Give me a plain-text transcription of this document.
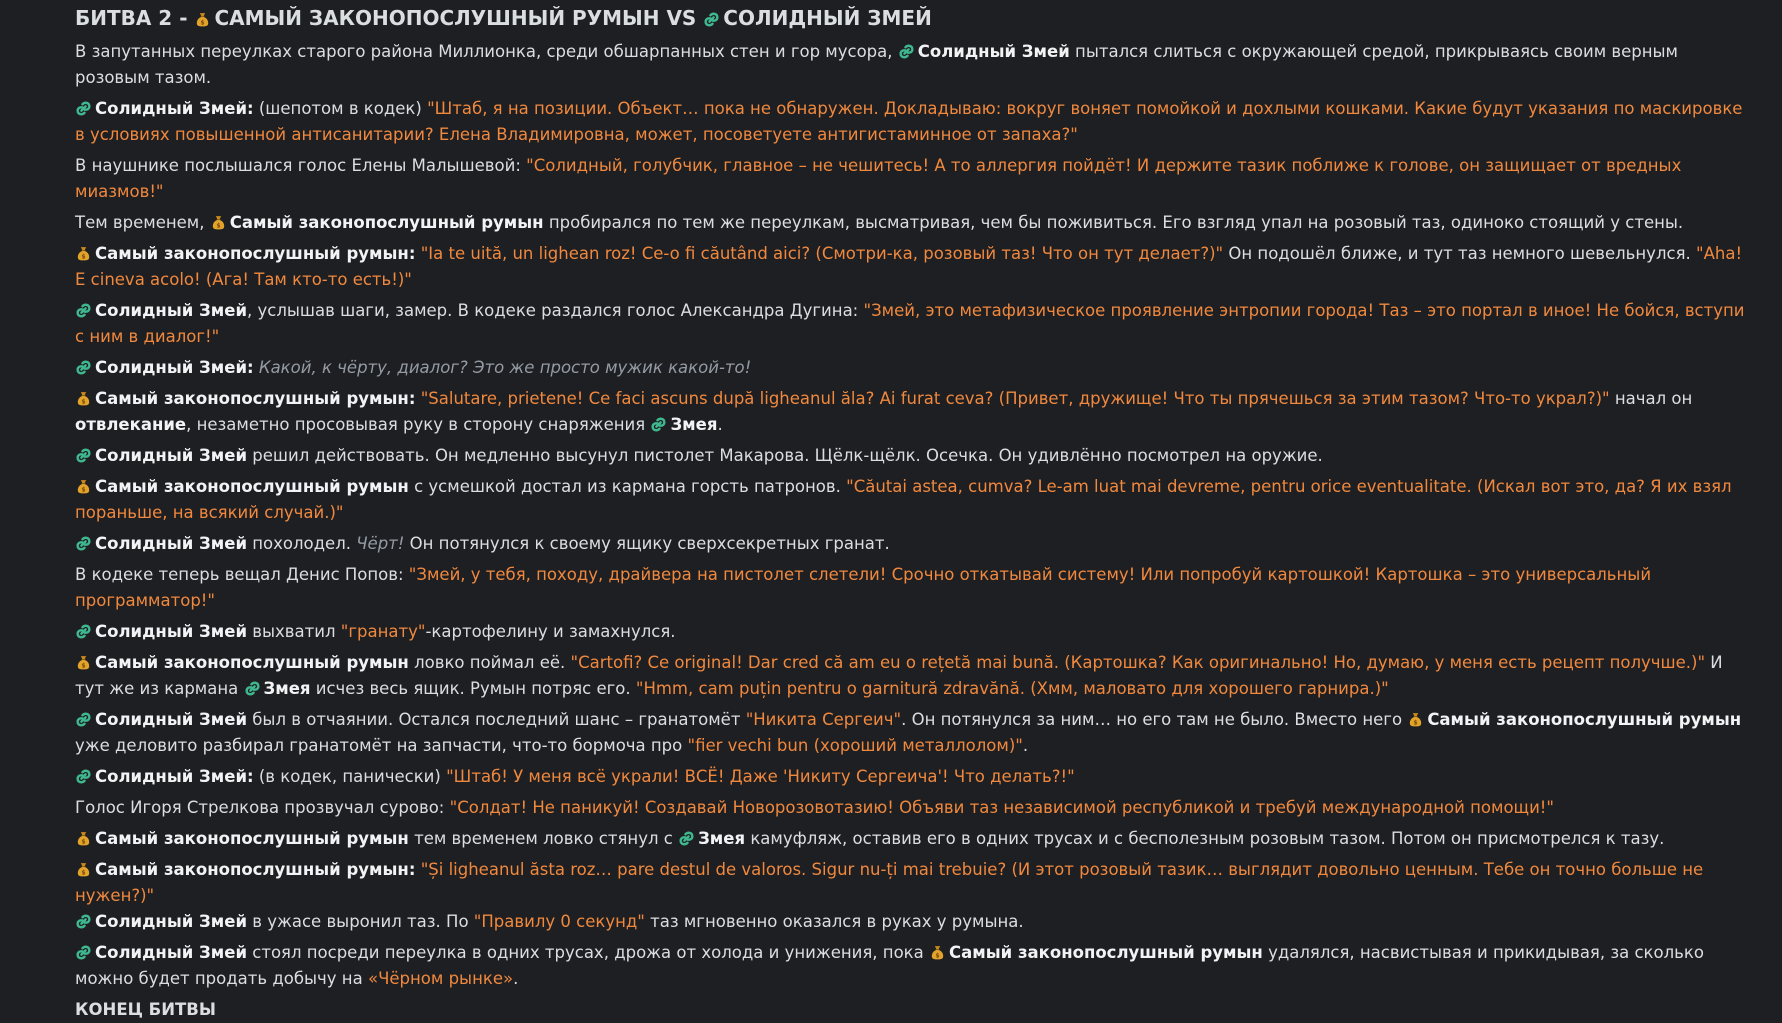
БИТВА 2 - $ САМЫЙ ЗАКОНОПОСЛУШНЫЙ РУМЫН VS
СОЛИДНЫЙ ЗМЕЙ
В запутанных переулках старого района Миллионка, среди обшарпанных стен и гор мусора,
Солидный Змей пытался слиться с окружающей средой, прикрываясь своим верным розовым тазом.
Солидный Змей: (шепотом в кодек) "Штаб, я на позиции. Объект… пока не обнаружен. Докладываю: вокруг воняет помойкой и дохлыми кошками. Какие будут указания по маскировке в условиях повышенной антисанитарии? Елена Владимировна, может, посоветуете антигистаминное от запаха?"
В наушнике послышался голос Елены Малышевой: "Солидный, голубчик, главное – не чешитесь! А то аллергия пойдёт! И держите тазик поближе к голове, он защищает от вредных миазмов!"
Тем временем, $ Самый законопослушный румын пробирался по тем же переулкам, высматривая, чем бы поживиться. Его взгляд упал на розовый таз, одиноко стоящий у стены.
$ Самый законопослушный румын: "Ia te uită, un lighean roz! Ce-o fi căutând aici? (Смотри-ка, розовый таз! Что он тут делает?)" Он подошёл ближе, и тут таз немного шевельнулся. "Aha! E cineva acolo! (Ага! Там кто-то есть!)"
Солидный Змей, услышав шаги, замер. В кодеке раздался голос Александра Дугина: "Змей, это метафизическое проявление энтропии города! Таз – это портал в иное! Не бойся, вступи с ним в диалог!"
Солидный Змей: Какой, к чёрту, диалог? Это же просто мужик какой-то!
$ Самый законопослушный румын: "Salutare, prietene! Ce faci ascuns după ligheanul ăla? Ai furat ceva? (Привет, дружище! Что ты прячешься за этим тазом? Что-то украл?)" начал он отвлекание, незаметно просовывая руку в сторону снаряжения
Змея.
Солидный Змей решил действовать. Он медленно высунул пистолет Макарова. Щёлк-щёлк. Осечка. Он удивлённо посмотрел на оружие.
$ Самый законопослушный румын с усмешкой достал из кармана горсть патронов. "Căutai astea, cumva? Le-am luat mai devreme, pentru orice eventualitate. (Искал вот это, да? Я их взял пораньше, на всякий случай.)"
Солидный Змей похолодел. Чёрт! Он потянулся к своему ящику сверхсекретных гранат.
В кодеке теперь вещал Денис Попов: "Змей, у тебя, походу, драйвера на пистолет слетели! Срочно откатывай систему! Или попробуй картошкой! Картошка – это универсальный программатор!"
Солидный Змей выхватил "гранату"-картофелину и замахнулся.
$ Самый законопослушный румын ловко поймал её. "Cartofi? Ce original! Dar cred că am eu o rețetă mai bună. (Картошка? Как оригинально! Но, думаю, у меня есть рецепт получше.)" И тут же из кармана
Змея исчез весь ящик. Румын потряс его. "Hmm, cam puțin pentru o garnitură zdravănă. (Хмм, маловато для хорошего гарнира.)"
Солидный Змей был в отчаянии. Остался последний шанс – гранатомёт "Никита Сергеич". Он потянулся за ним… но его там не было. Вместо него $ Самый законопослушный румын уже деловито разбирал гранатомёт на запчасти, что-то бормоча про "fier vechi bun (хороший металлолом)".
Солидный Змей: (в кодек, панически) "Штаб! У меня всё украли! ВСЁ! Даже 'Никиту Сергеича'! Что делать?!"
Голос Игоря Стрелкова прозвучал сурово: "Солдат! Не паникуй! Создавай Новорозовотазию! Объяви таз независимой республикой и требуй международной помощи!"
$ Самый законопослушный румын тем временем ловко стянул с
Змея камуфляж, оставив его в одних трусах и с бесполезным розовым тазом. Потом он присмотрелся к тазу.
$ Самый законопослушный румын: "Și ligheanul ăsta roz… pare destul de valoros. Sigur nu-ți mai trebuie? (И этот розовый тазик… выглядит довольно ценным. Тебе он точно больше не нужен?)"
Солидный Змей в ужасе выронил таз. По "Правилу 0 секунд" таз мгновенно оказался в руках у румына.
Солидный Змей стоял посреди переулка в одних трусах, дрожа от холода и унижения, пока $ Самый законопослушный румын удалялся, насвистывая и прикидывая, за сколько можно будет продать добычу на «Чёрном рынке».
КОНЕЦ БИТВЫ
